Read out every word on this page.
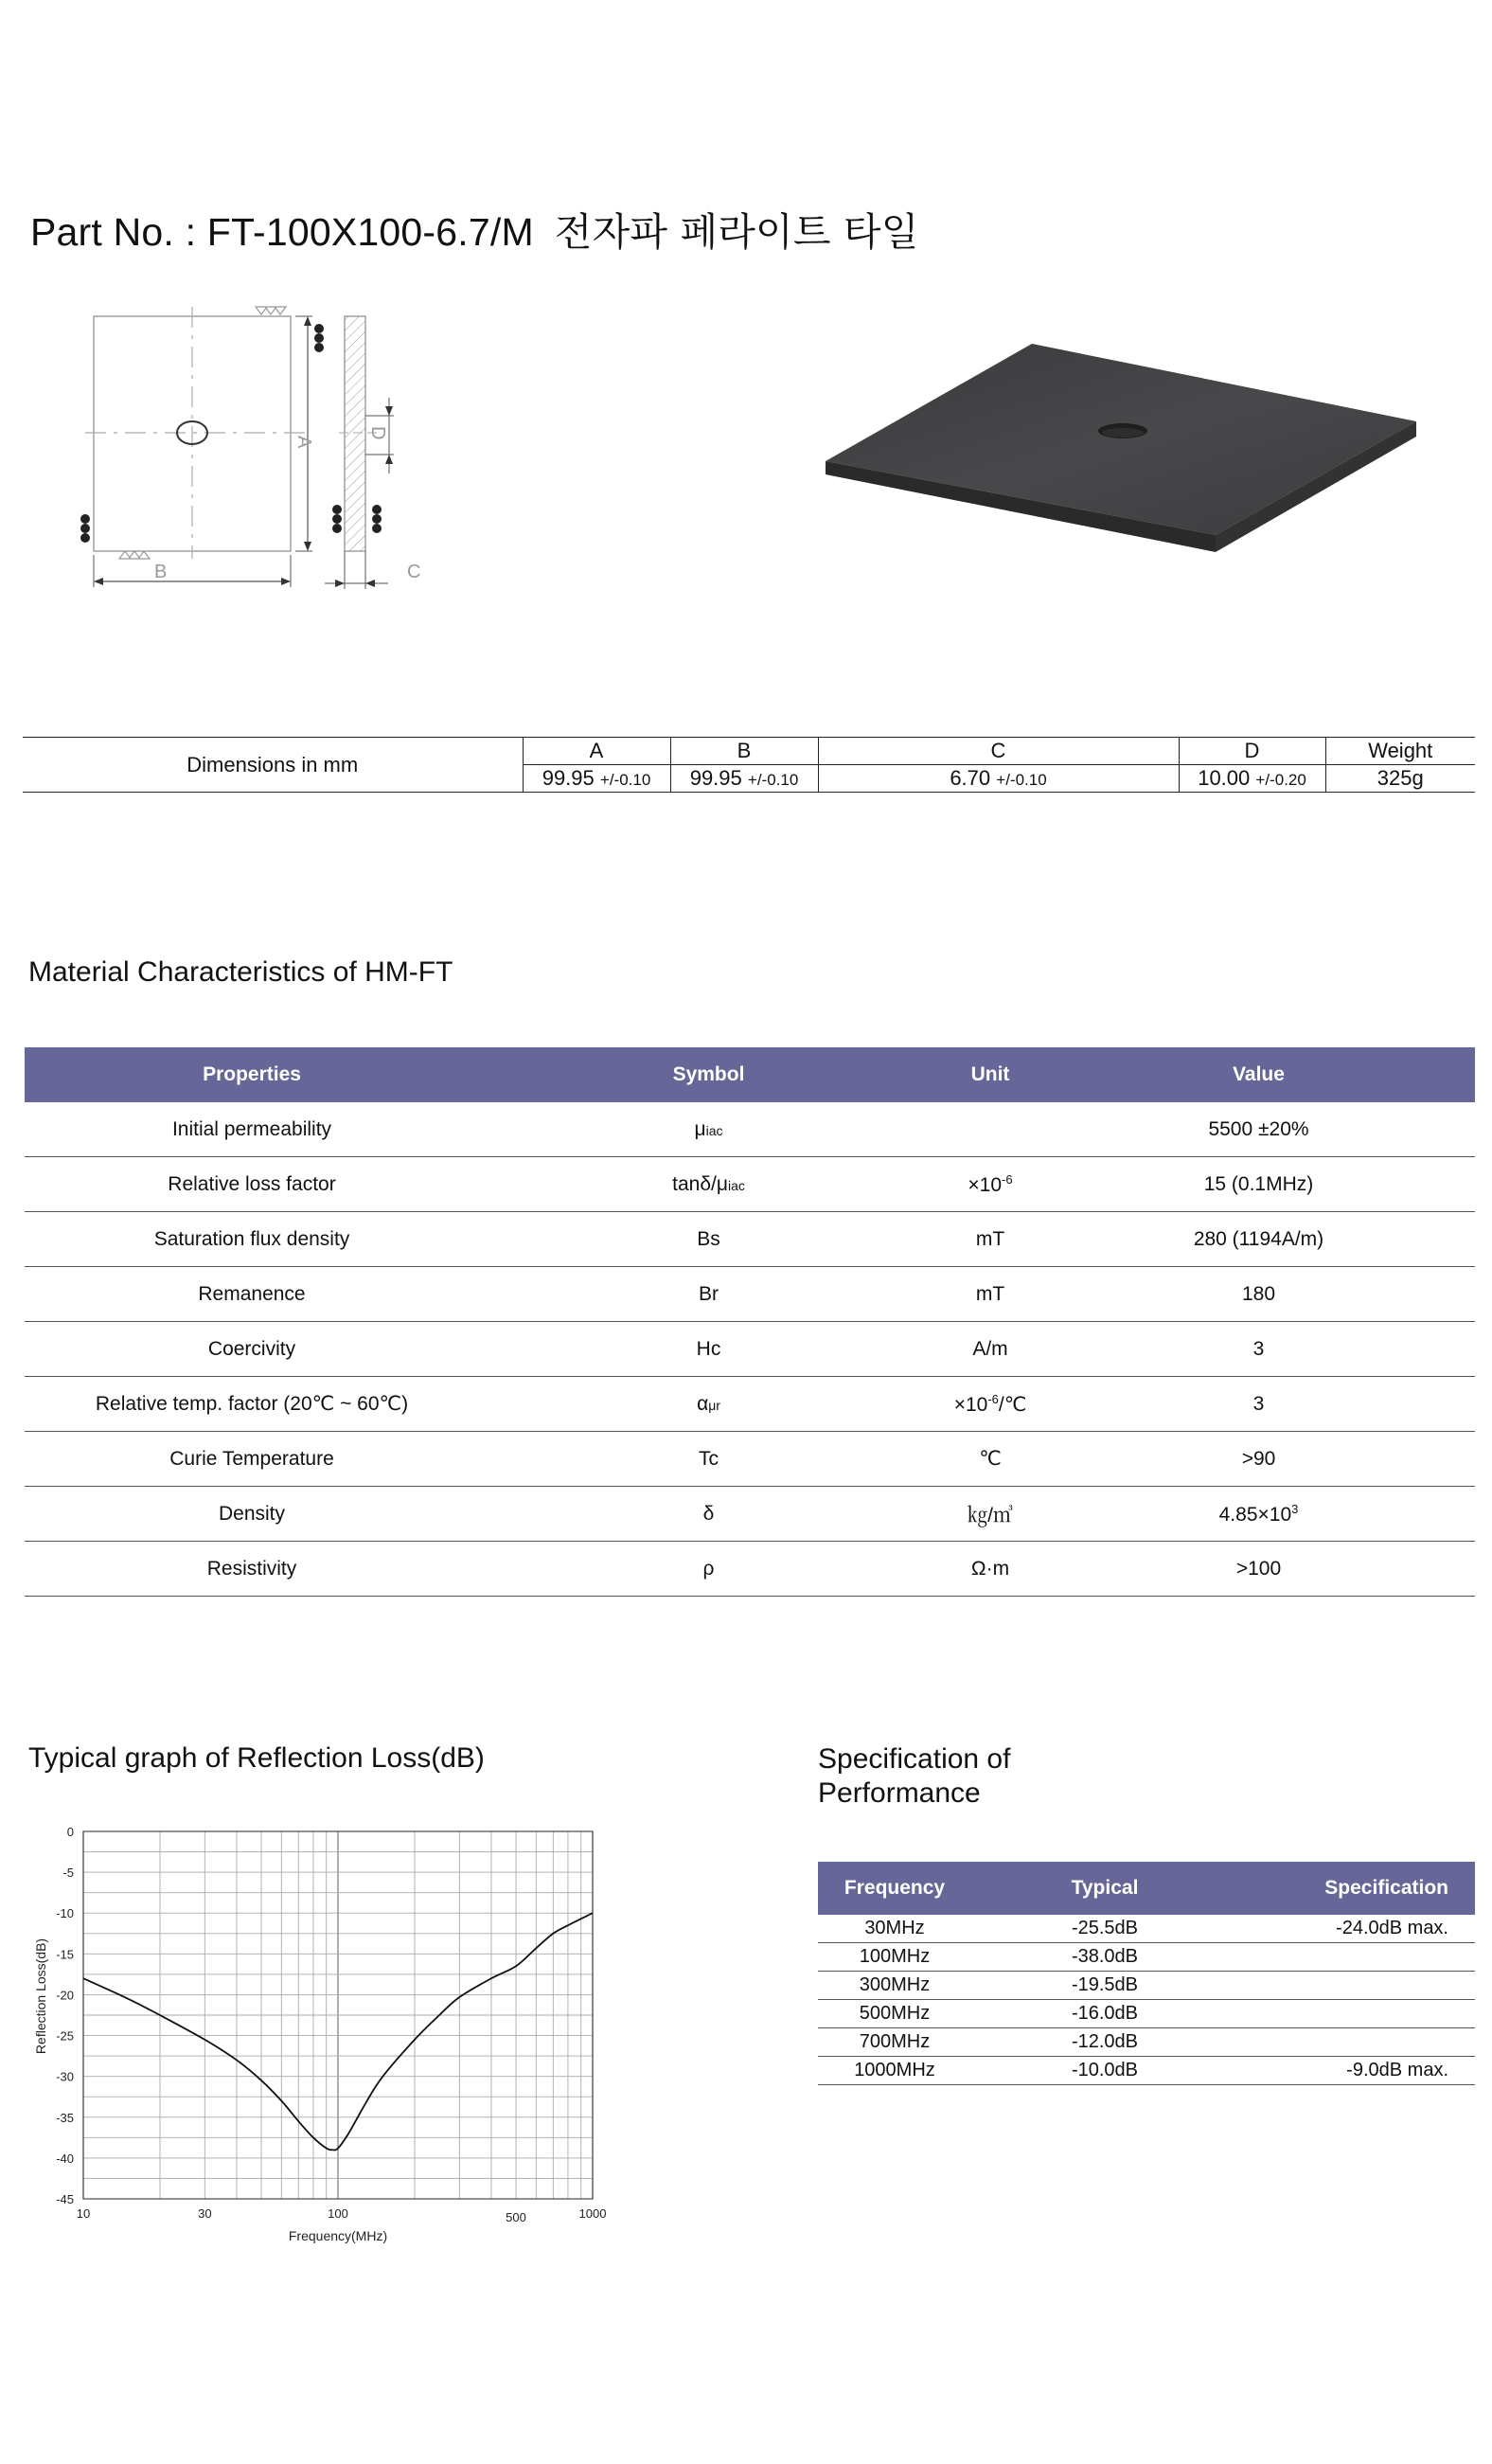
Part No. : FT-100X100-6.7/M 전자파 페라이트 타일
A
B
D
C
Dimensions in mm	A	B	C	D	Weight
	99.95 +/-0.10	99.95 +/-0.10	6.70 +/-0.10	10.00 +/-0.20	325g
Material Characteristics of HM-FT
Properties	Symbol	Unit	Value
Initial permeability	μiac		5500 ±20%
Relative loss factor	tanδ/μiac	$\times 10^{-6}$	15 (0.1MHz)
Saturation flux density	Bs	mT	280 (1194A/m)
Remanence	Br	mT	180
Coercivity	Hc	A/m	3
Relative temp. factor (20℃ ~ 60℃)	αμr	$\times 10^{-6}/℃$	3
Curie Temperature	Tc	℃	>90
Density	δ	㎏/㎥	$4.85\times 10^3$
Resistivity	ρ	Ω·m	>100
Typical graph of Reflection Loss(dB)
0
-5
-10
-15
-20
-25
-30
-35
-40
-45
10	30	100	500	1000
Frequency(MHz)
Reflection Loss(dB)
Specification of
Performance
Frequency	Typical	Specification
30MHz	-25.5dB	-24.0dB max.
100MHz	-38.0dB	
300MHz	-19.5dB	
500MHz	-16.0dB	
700MHz	-12.0dB	
1000MHz	-10.0dB	-9.0dB max.
